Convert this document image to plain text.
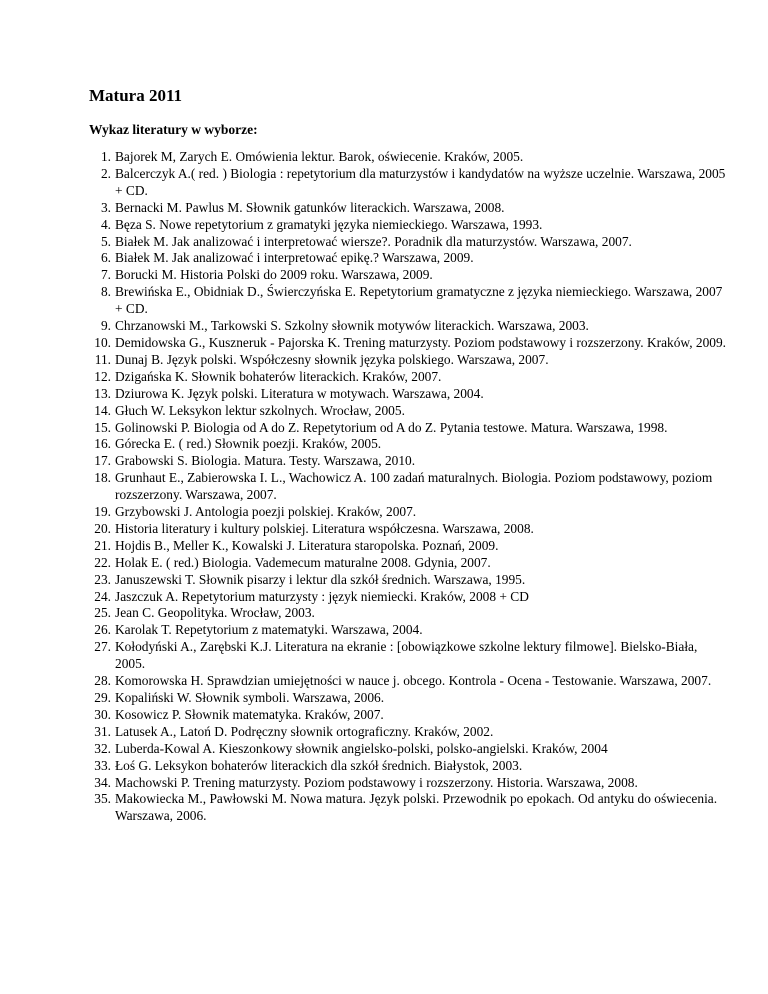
Matura 2011
Wykaz literatury w wyborze:
1. Bajorek M, Zarych E. Omówienia lektur. Barok, oświecenie. Kraków, 2005.
2. Balcerczyk A.( red. ) Biologia : repetytorium dla maturzystów i kandydatów na wyższe uczelnie. Warszawa, 2005 + CD.
3. Bernacki M. Pawlus M. Słownik gatunków literackich. Warszawa, 2008.
4. Bęza S. Nowe repetytorium z gramatyki języka niemieckiego. Warszawa, 1993.
5. Białek M. Jak analizować i interpretować wiersze?. Poradnik dla maturzystów. Warszawa, 2007.
6. Białek M. Jak analizować i interpretować epikę.? Warszawa, 2009.
7. Borucki M. Historia Polski do 2009 roku. Warszawa, 2009.
8. Brewińska E., Obidniak D., Świerczyńska E. Repetytorium gramatyczne z języka niemieckiego. Warszawa, 2007 + CD.
9. Chrzanowski M., Tarkowski S. Szkolny słownik motywów literackich. Warszawa, 2003.
10. Demidowska G., Kuszneruk - Pajorska K. Trening maturzysty. Poziom podstawowy i rozszerzony. Kraków, 2009.
11. Dunaj B. Język polski. Współczesny słownik języka polskiego. Warszawa, 2007.
12. Dzigańska K. Słownik bohaterów literackich. Kraków, 2007.
13. Dziurowa K. Język polski. Literatura w motywach. Warszawa, 2004.
14. Głuch W. Leksykon lektur szkolnych. Wrocław, 2005.
15. Golinowski P. Biologia od A do Z. Repetytorium od A do Z. Pytania testowe. Matura. Warszawa, 1998.
16. Górecka E. ( red.) Słownik poezji. Kraków, 2005.
17. Grabowski S. Biologia. Matura. Testy. Warszawa, 2010.
18. Grunhaut E., Zabierowska I. L., Wachowicz A. 100 zadań maturalnych. Biologia. Poziom podstawowy, poziom rozszerzony. Warszawa, 2007.
19. Grzybowski J. Antologia poezji polskiej. Kraków, 2007.
20. Historia literatury i kultury polskiej. Literatura współczesna. Warszawa, 2008.
21. Hojdis B., Meller K., Kowalski J. Literatura staropolska. Poznań, 2009.
22. Holak E. ( red.) Biologia. Vademecum maturalne 2008. Gdynia, 2007.
23. Januszewski T. Słownik pisarzy i lektur dla szkół średnich. Warszawa, 1995.
24. Jaszczuk A. Repetytorium maturzysty : język niemiecki. Kraków, 2008 + CD
25. Jean C. Geopolityka. Wrocław, 2003.
26. Karolak T. Repetytorium z matematyki. Warszawa, 2004.
27. Kołodyński A., Zarębski K.J. Literatura na ekranie : [obowiązkowe szkolne lektury filmowe]. Bielsko-Biała, 2005.
28. Komorowska H. Sprawdzian umiejętności w nauce j. obcego. Kontrola - Ocena - Testowanie. Warszawa, 2007.
29. Kopaliński W. Słownik symboli. Warszawa, 2006.
30. Kosowicz P. Słownik matematyka. Kraków, 2007.
31. Latusek A., Latoń D. Podręczny słownik ortograficzny. Kraków, 2002.
32. Luberda-Kowal A. Kieszonkowy słownik angielsko-polski, polsko-angielski. Kraków, 2004
33. Łoś G. Leksykon bohaterów literackich dla szkół średnich. Białystok, 2003.
34. Machowski P. Trening maturzysty. Poziom podstawowy i rozszerzony. Historia. Warszawa, 2008.
35. Makowiecka M., Pawłowski M. Nowa matura. Język polski. Przewodnik po epokach. Od antyku do oświecenia. Warszawa, 2006.
